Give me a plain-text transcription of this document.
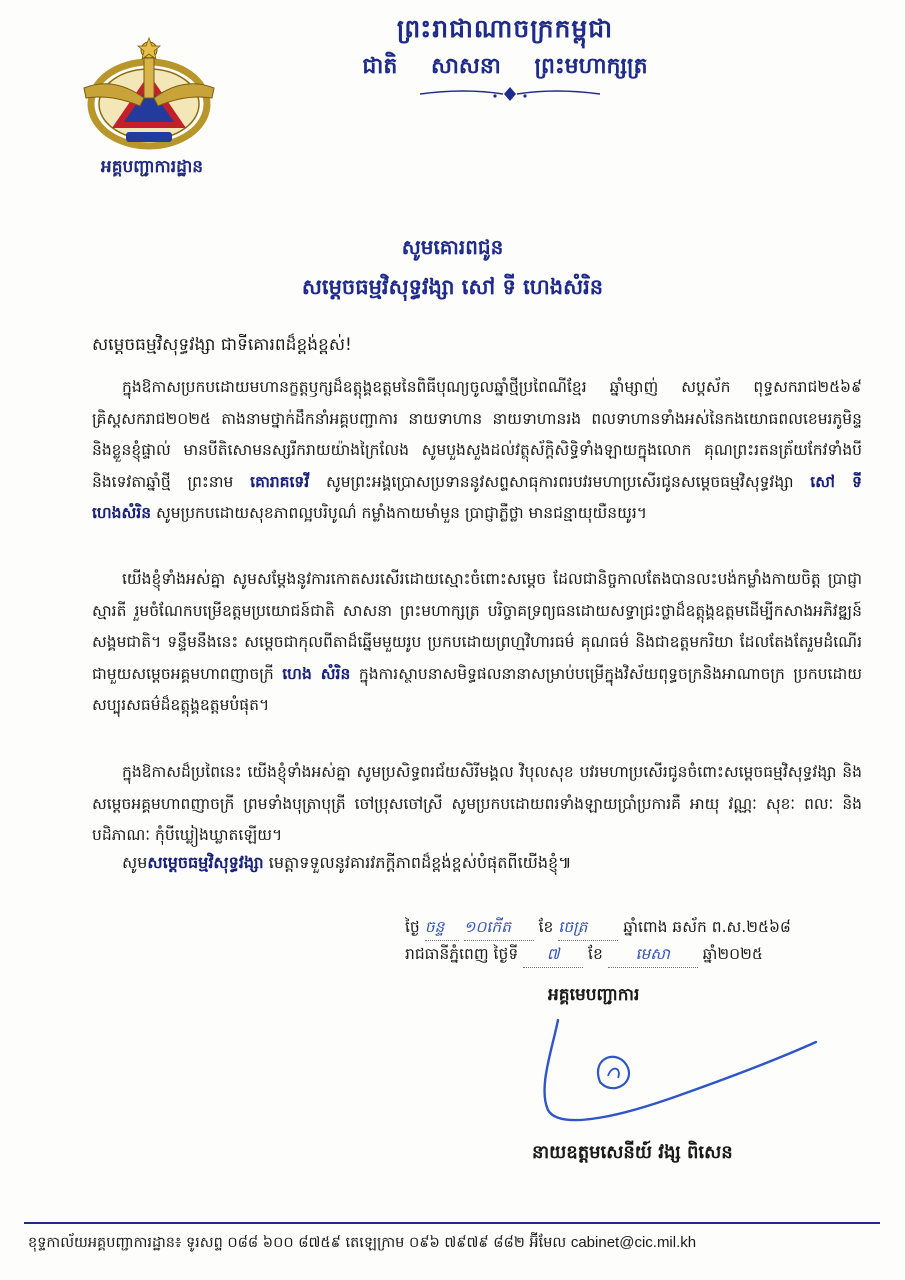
អគ្គបញ្ជាការដ្ឋាន
ព្រះរាជាណាចក្រកម្ពុជា
ជាតិ សាសនា ព្រះមហាក្សត្រ
សូមគោរពជូន
សម្ដេចធម្មវិសុទ្ធវង្សា សៅ ទី ហេងសំរិន
សម្ដេចធម្មវិសុទ្ធវង្សា ជាទីគោរពដ៏ខ្ពង់ខ្ពស់!

ក្នុងឱកាសប្រកបដោយមហានក្ខត្តឫក្សដ៏ឧត្តុង្គឧត្តមនៃពិធីបុណ្យចូលឆ្នាំថ្មីប្រពៃណីខ្មែរ ឆ្នាំម្សាញ់ សប្តស័ក ពុទ្ធសករាជ២៥៦៩ គ្រិស្តសករាជ២០២៥ តាងនាមថ្នាក់ដឹកនាំអគ្គបញ្ជាការ នាយទាហាន នាយទាហានរង ពលទាហានទាំងអស់នៃកងយោធពលខេមរភូមិន្ទ និងខ្លួនខ្ញុំផ្ទាល់ មានបីតិសោមនស្សរីករាយយ៉ាងក្រៃលែង សូមបួងសួងដល់វត្ថុស័ក្តិសិទ្ធិទាំងឡាយក្នុងលោក គុណព្រះរតនត្រ័យកែវទាំងបី និងទេវតាឆ្នាំថ្មី ព្រះនាម គោរាគទេវី សូមព្រះអង្គប្រោសប្រទាននូវសព្ទសាធុការពរបវរមហាប្រសើរជូនសម្ដេចធម្មវិសុទ្ធវង្សា សៅ ទី ហេងសំរិន សូមប្រកបដោយសុខភាពល្អបរិបូណ៌ កម្លាំងកាយមាំមួន ប្រាជ្ញាភ្លឺថ្លា មានជន្មាយុយឺនយូរ។

យើងខ្ញុំទាំងអស់គ្នា សូមសម្ដែងនូវការកោតសរសើរដោយស្មោះចំពោះសម្ដេច ដែលជានិច្ចកាលតែងបានលះបង់កម្លាំងកាយចិត្ត ប្រាជ្ញាស្មារតី រួមចំណែកបម្រើឧត្តមប្រយោជន៍ជាតិ សាសនា ព្រះមហាក្សត្រ បរិច្ចាគទ្រព្យធនដោយសទ្ធាជ្រះថ្លាដ៏ឧត្តុង្គឧត្តមដើម្បីកសាងអភិវឌ្ឍន៍សង្គមជាតិ។ ទន្ទឹមនឹងនេះ សម្ដេចជាកុលពីតាដ៏ឆ្នើមមួយរូប ប្រកបដោយព្រហ្មវិហារធម៌ គុណធម៌ និងជាឧត្តមករិយា ដែលតែងតែរួមដំណើរជាមួយសម្ដេចអគ្គមហាពញាចក្រី ហេង សំរិន ក្នុងការស្ថាបនាសមិទ្ធផលនានាសម្រាប់បម្រើក្នុងវិស័យពុទ្ធចក្រនិងអាណាចក្រ ប្រកបដោយសប្បុរសធម៌ដ៏ឧត្តុង្គឧត្តមបំផុត។

ក្នុងឱកាសដ៏ប្រពៃនេះ យើងខ្ញុំទាំងអស់គ្នា សូមប្រសិទ្ធពរជ័យសិរីមង្គល វិបុលសុខ បវរមហាប្រសើរជូនចំពោះសម្ដេចធម្មវិសុទ្ធវង្សា និងសម្ដេចអគ្គមហាពញាចក្រី ព្រមទាំងបុត្រាបុត្រី ចៅប្រុសចៅស្រី សូមប្រកបដោយពរទាំងឡាយប្រាំប្រការគឺ អាយុ វណ្ណៈ សុខៈ ពលៈ និងបដិភាណៈ កុំបីឃ្លៀងឃ្លាតឡើយ។

សូមសម្ដេចធម្មវិសុទ្ធវង្សា មេត្តាទទួលនូវគារវភក្តីភាពដ៏ខ្ពង់ខ្ពស់បំផុតពីយើងខ្ញុំ៕
ថ្ងៃ ចន្ទ ១០កើត ខែ ចេត្រ ឆ្នាំពោង ឆស័ក ព.ស.២៥៦៨
រាជធានីភ្នំពេញ ថ្ងៃទី ៧ ខែ មេសា ឆ្នាំ២០២៥
អគ្គមេបញ្ជាការ
នាយឧត្តមសេនីយ៍ វង្ស ពិសេន
ខុទ្ទកាល័យអគ្គបញ្ជាការដ្ឋាន៖ ទូរសព្ទ ០៨៨ ៦០០ ៨៧៥៩ តេឡេក្រាម ០៩៦ ៧៩៧៩ ៨៨២ អ៊ីមែល cabinet@cic.mil.kh
